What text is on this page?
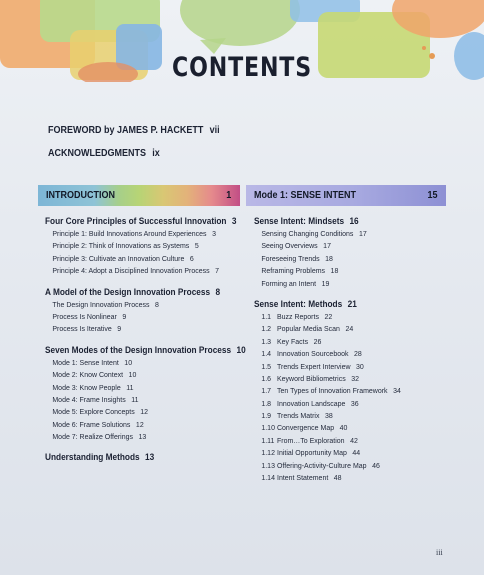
CONTENTS
FOREWORD by JAMES P. HACKETT vii
ACKNOWLEDGMENTS ix
INTRODUCTION	1 Mode 1: SENSE INTENT	15
Four Core Principles of Successful Innovation 3
Principle 1: Build Innovations Around Experiences 3
Principle 2: Think of Innovations as Systems 5
Principle 3: Cultivate an Innovation Culture 6
Principle 4: Adopt a Disciplined Innovation Process 7
A Model of the Design Innovation Process 8
The Design Innovation Process 8
Process Is Nonlinear 9
Process Is Iterative 9
Seven Modes of the Design Innovation Process 10
Mode 1: Sense Intent 10
Mode 2: Know Context 10
Mode 3: Know People 11
Mode 4: Frame Insights 11
Mode 5: Explore Concepts 12
Mode 6: Frame Solutions 12
Mode 7: Realize Offerings 13
Understanding Methods 13
Sense Intent: Mindsets 16
Sensing Changing Conditions 17
Seeing Overviews 17
Foreseeing Trends 18
Reframing Problems 18
Forming an Intent 19
Sense Intent: Methods 21
1.1 Buzz Reports 22
1.2 Popular Media Scan 24
1.3 Key Facts 26
1.4 Innovation Sourcebook 28
1.5 Trends Expert Interview 30
1.6 Keyword Bibliometrics 32
1.7 Ten Types of Innovation Framework 34
1.8 Innovation Landscape 36
1.9 Trends Matrix 38
1.10 Convergence Map 40
1.11 From…To Exploration 42
1.12 Initial Opportunity Map 44
1.13 Offering-Activity-Culture Map 46
1.14 Intent Statement 48
iii
